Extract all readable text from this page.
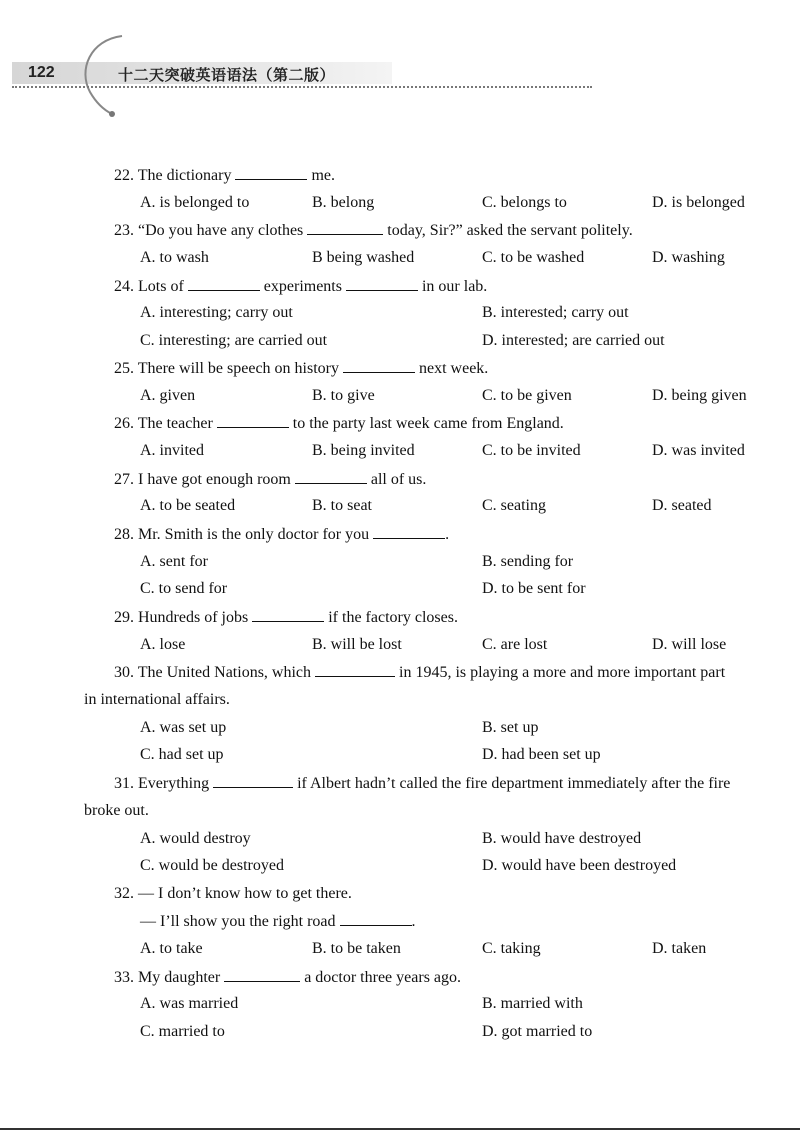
122	十二天突破英语语法（第二版）
22. The dictionary	me.
A. is belonged to	B. belong	C. belongs to	D. is belonged
23. “Do you have any clothes	today, Sir?” asked the servant politely.
A. to wash	B being washed	C. to be washed	D. washing
24. Lots of	experiments	in our lab.
A. interesting; carry out	B. interested; carry out
C. interesting; are carried out	D. interested; are carried out
25. There will be speech on history	next week.
A. given	B. to give	C. to be given	D. being given
26. The teacher	to the party last week came from England.
A. invited	B. being invited	C. to be invited	D. was invited
27. I have got enough room	all of us.
A. to be seated	B. to seat	C. seating	D. seated
28. Mr. Smith is the only doctor for you	.
A. sent for	B. sending for
C. to send for	D. to be sent for
29. Hundreds of jobs	if the factory closes.
A. lose	B. will be lost	C. are lost	D. will lose
30. The United Nations, which	in 1945, is playing a more and more important part
in international affairs.
A. was set up	B. set up
C. had set up	D. had been set up
31. Everything	if Albert hadn’t called the fire department immediately after the fire
broke out.
A. would destroy	B. would have destroyed
C. would be destroyed	D. would have been destroyed
32. — I don’t know how to get there.
— I’ll show you the right road	.
A. to take	B. to be taken	C. taking	D. taken
33. My daughter	a doctor three years ago.
A. was married	B. married with
C. married to	D. got married to
